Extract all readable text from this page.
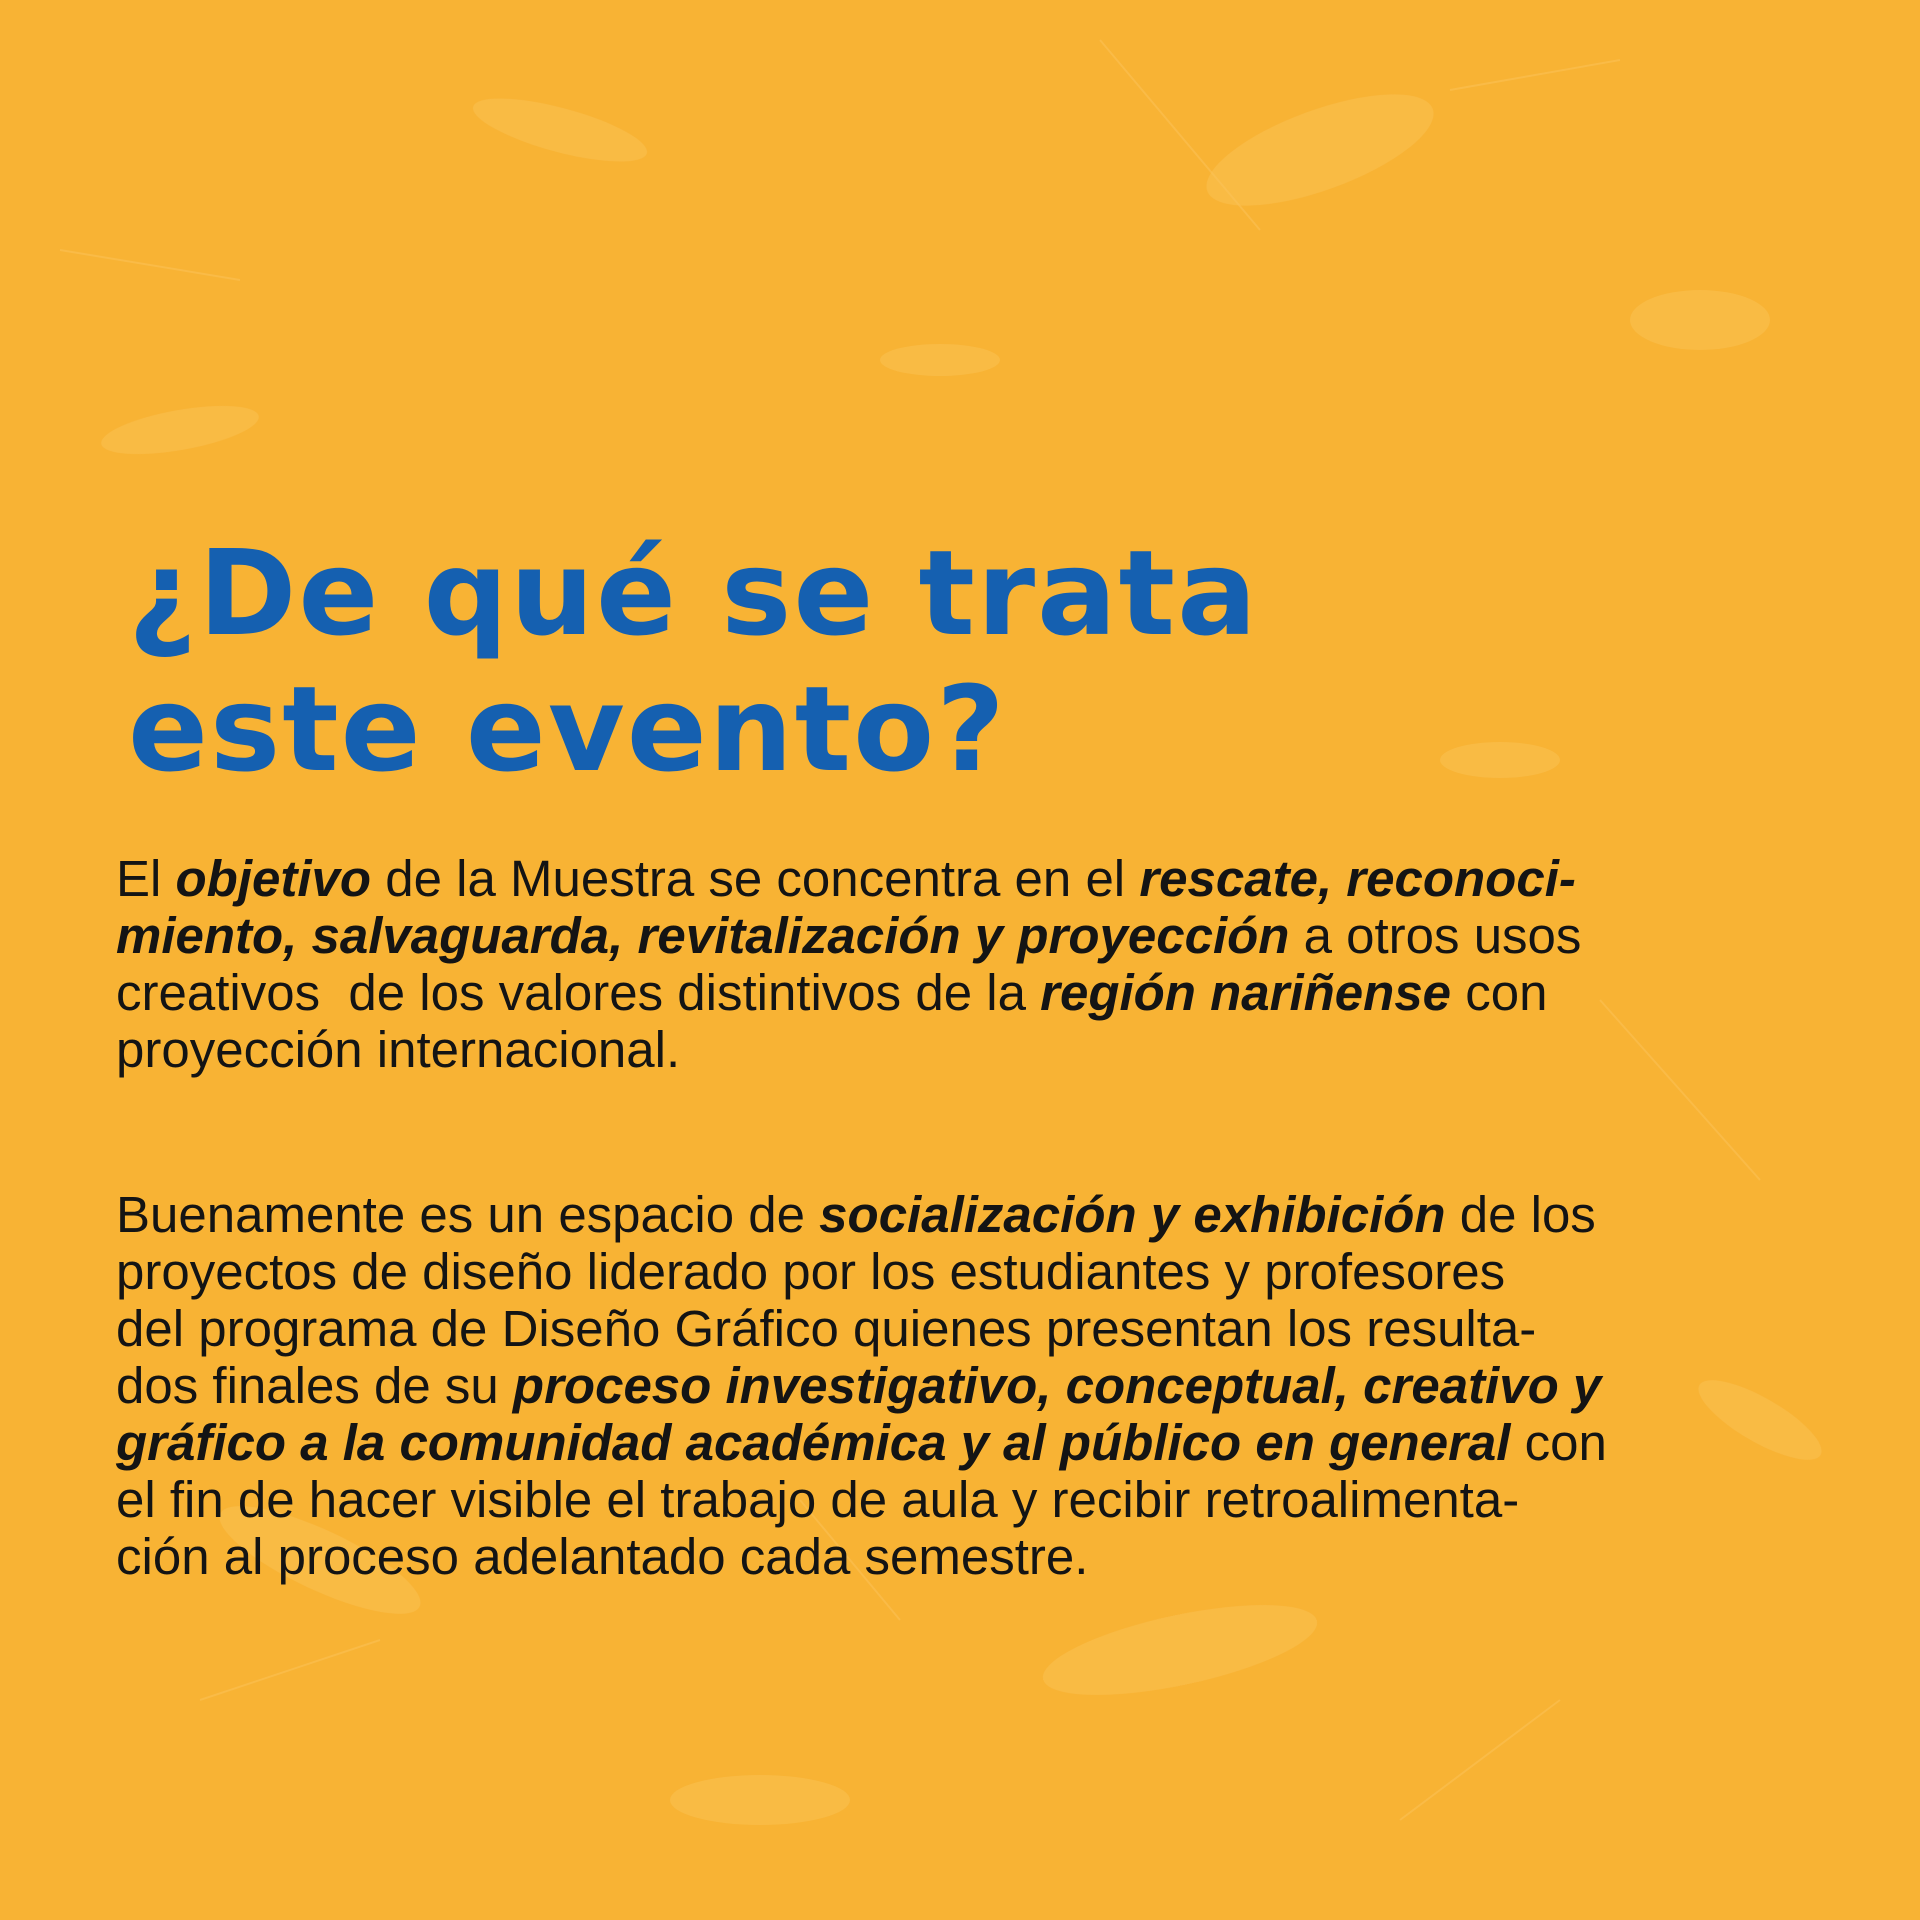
¿De qué se trata
este evento?
El objetivo de la Muestra se concentra en el rescate, reconoci-
miento, salvaguarda, revitalización y proyección a otros usos
creativos  de los valores distintivos de la región nariñense con
proyección internacional.
Buenamente es un espacio de socialización y exhibición de los
proyectos de diseño liderado por los estudiantes y profesores
del programa de Diseño Gráfico quienes presentan los resulta-
dos finales de su proceso investigativo, conceptual, creativo y
gráfico a la comunidad académica y al público en general con
el fin de hacer visible el trabajo de aula y recibir retroalimenta-
ción al proceso adelantado cada semestre.
